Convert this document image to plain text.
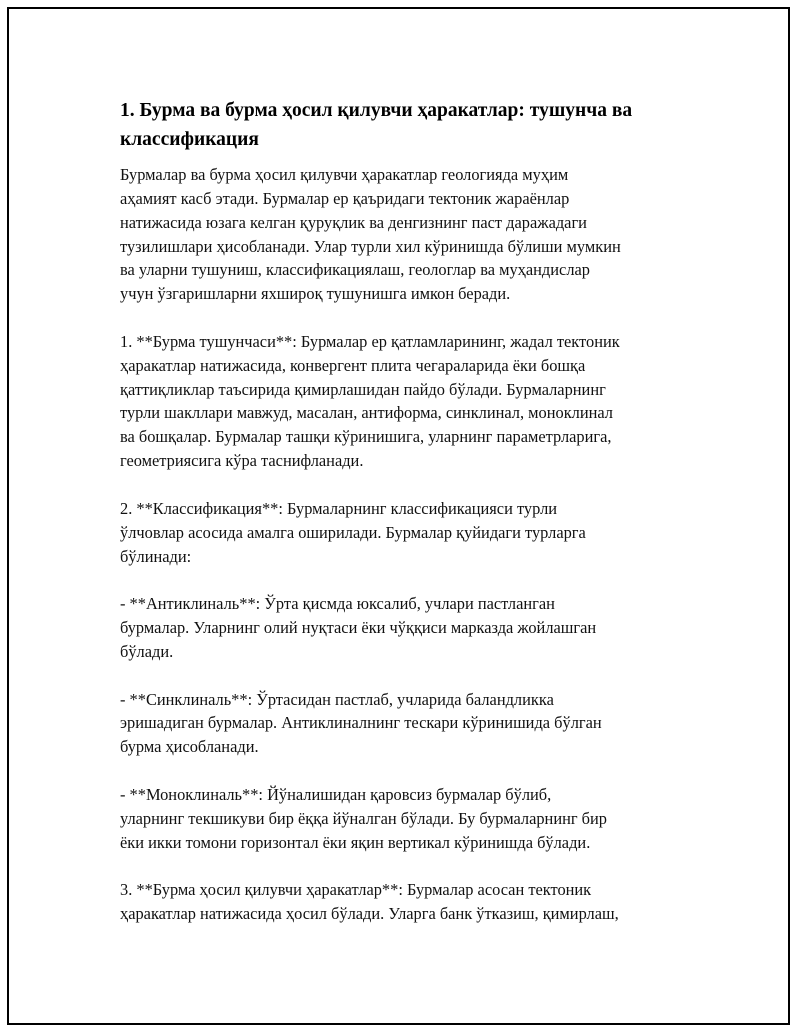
1. Бурма ва бурма ҳосил қилувчи ҳаракатлар: тушунча ва
классификация

Бурмалар ва бурма ҳосил қилувчи ҳаракатлар геологияда муҳим
aҳамият касб этади. Бурмалар ер қаъридаги тектоник жараёнлар
натижасида юзага келган қуруқлик ва денгизнинг паст даражадаги
тузилишлари ҳисобланади. Улар турли хил кўринишда бўлиши мумкин
ва уларни тушуниш, классификациялаш, геологлар ва муҳандислар
учун ўзгаришларни яхшироқ тушунишга имкон беради.

1. **Бурма тушунчаси**: Бурмалар ер қатламларининг, жадал тектоник
ҳаракатлар натижасида, конвергент плита чегараларида ёки бошқа
қаттиқликлар таъсирида қимирлашидан пайдо бўлади. Бурмаларнинг
турли шакллари мавжуд, масалан, антиформа, синклинал, моноклинал
ва бошқалар. Бурмалар ташқи кўринишига, уларнинг параметрларига,
геометриясига кўра таснифланади.

2. **Классификация**: Бурмаларнинг классификацияси турли
ўлчовлар асосида амалга оширилади. Бурмалар қуйидаги турларга
бўлинади:

- **Антиклиналь**: Ўрта қисмда юксалиб, учлари пастланган
бурмалар. Уларнинг олий нуқтаси ёки чўққиси марказда жойлашган
бўлади.

- **Синклиналь**: Ўртасидан пастлаб, учларида баландликка
эришадиган бурмалар. Антиклиналнинг тескари кўринишида бўлган
бурма ҳисобланади.

- **Моноклиналь**: Йўналишидан қаровсиз бурмалар бўлиб,
уларнинг текшикуви бир ёққа йўналган бўлади. Бу бурмаларнинг бир
ёки икки томони горизонтал ёки яқин вертикал кўринишда бўлади.

3. **Бурма ҳосил қилувчи ҳаракатлар**: Бурмалар асосан тектоник
ҳаракатлар натижасида ҳосил бўлади. Уларга банк ўтказиш, қимирлаш,
